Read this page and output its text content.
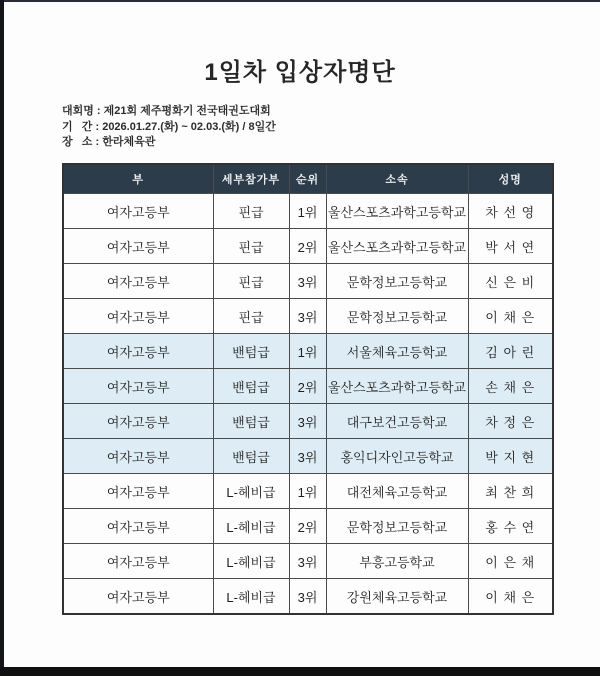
1일차 입상자명단
대회명 : 제21회 제주평화기 전국태권도대회
기   간 : 2026.01.27.(화) ~ 02.03.(화) / 8일간
장   소 : 한라체육관
부	세부참가부	순위	소속	성명
여자고등부	핀급	1위	울산스포츠과학고등학교	차 선 영
여자고등부	핀급	2위	울산스포츠과학고등학교	박 서 연
여자고등부	핀급	3위	문학정보고등학교	신 은 비
여자고등부	핀급	3위	문학정보고등학교	이 채 은
여자고등부	밴텀급	1위	서울체육고등학교	김 아 린
여자고등부	밴텀급	2위	울산스포츠과학고등학교	손 채 은
여자고등부	밴텀급	3위	대구보건고등학교	차 정 은
여자고등부	밴텀급	3위	홍익디자인고등학교	박 지 현
여자고등부	L-헤비급	1위	대전체육고등학교	최 찬 희
여자고등부	L-헤비급	2위	문학정보고등학교	홍 수 연
여자고등부	L-헤비급	3위	부흥고등학교	이 은 채
여자고등부	L-헤비급	3위	강원체육고등학교	이 채 은
